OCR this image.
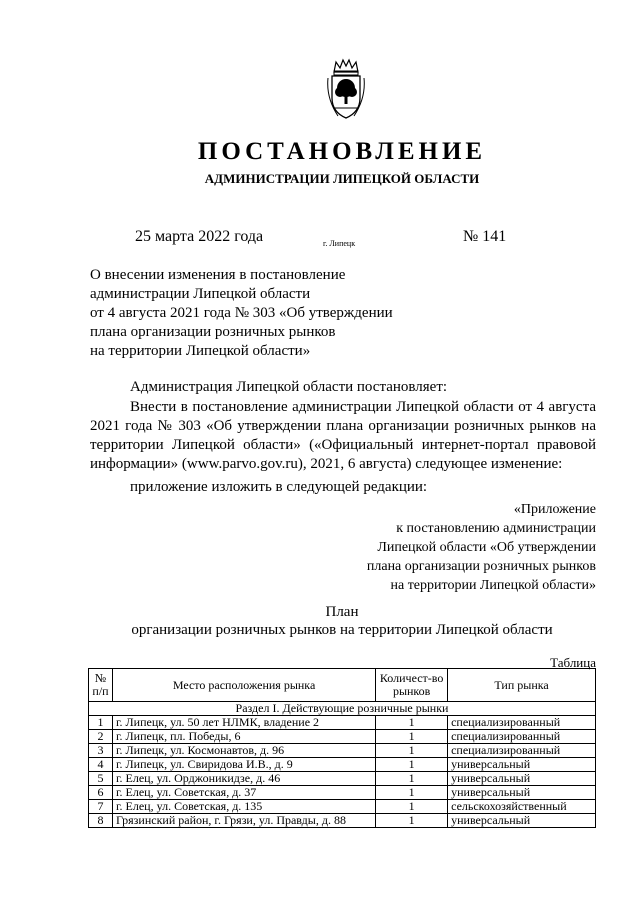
ПОСТАНОВЛЕНИЕ
АДМИНИСТРАЦИИ ЛИПЕЦКОЙ ОБЛАСТИ
25 марта 2022 года	г. Липецк	№ 141
О внесении изменения в постановление
администрации Липецкой области
от 4 августа 2021 года № 303 «Об утверждении
плана организации розничных рынков
на территории Липецкой области»
Администрация Липецкой области постановляет:
Внести в постановление администрации Липецкой области от 4 августа 2021 года № 303 «Об утверждении плана организации розничных рынков на территории Липецкой области» («Официальный интернет-портал правовой информации» (www.parvo.gov.ru), 2021, 6 августа) следующее изменение:
приложение изложить в следующей редакции:
«Приложение
к постановлению администрации
Липецкой области «Об утверждении
плана организации розничных рынков
на территории Липецкой области»
План
организации розничных рынков на территории Липецкой области
Таблица
№ п/п	Место расположения рынка	Количест-во рынков	Тип рынка
Раздел I. Действующие розничные рынки			
1	г. Липецк, ул. 50 лет НЛМК, владение 2	1	специализированный
2	г. Липецк, пл. Победы, 6	1	специализированный
3	г. Липецк, ул. Космонавтов, д. 96	1	специализированный
4	г. Липецк, ул. Свиридова И.В., д. 9	1	универсальный
5	г. Елец, ул. Орджоникидзе, д. 46	1	универсальный
6	г. Елец, ул. Советская, д. 37	1	универсальный
7	г. Елец, ул. Советская, д. 135	1	сельскохозяйственный
8	Грязинский район, г. Грязи, ул. Правды, д. 88	1	универсальный
